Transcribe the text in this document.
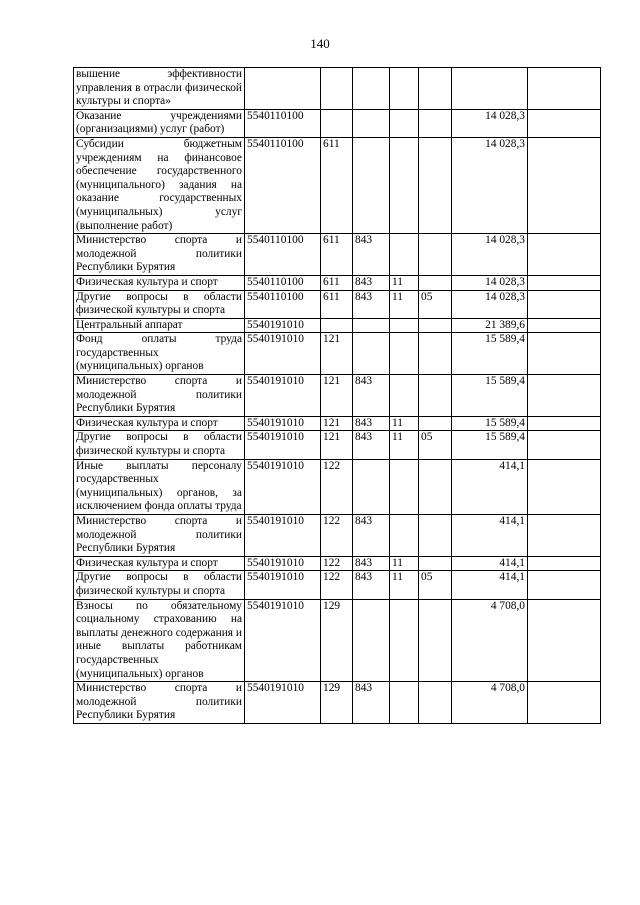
140
вышение эффективности управления в отрасли физической культуры и спорта»							
Оказание учреждениями (организациями) услуг (работ)	5540110100					14 028,3	
Субсидии бюджетным учреждениям на финансовое обеспечение государственного (муниципального) задания на оказание государственных (муниципальных) услуг (выполнение работ)	5540110100	611				14 028,3	
Министерство спорта и молодежной политики Республики Бурятия	5540110100	611	843			14 028,3	
Физическая культура и спорт	5540110100	611	843	11		14 028,3	
Другие вопросы в области физической культуры и спорта	5540110100	611	843	11	05	14 028,3	
Центральный аппарат	5540191010					21 389,6	
Фонд оплаты труда государственных (муниципальных) органов	5540191010	121				15 589,4	
Министерство спорта и молодежной политики Республики Бурятия	5540191010	121	843			15 589,4	
Физическая культура и спорт	5540191010	121	843	11		15 589,4	
Другие вопросы в области физической культуры и спорта	5540191010	121	843	11	05	15 589,4	
Иные выплаты персоналу государственных (муниципальных) органов, за исключением фонда оплаты труда	5540191010	122				414,1	
Министерство спорта и молодежной политики Республики Бурятия	5540191010	122	843			414,1	
Физическая культура и спорт	5540191010	122	843	11		414,1	
Другие вопросы в области физической культуры и спорта	5540191010	122	843	11	05	414,1	
Взносы по обязательному социальному страхованию на выплаты денежного содержания и иные выплаты работникам государственных (муниципальных) органов	5540191010	129				4 708,0	
Министерство спорта и молодежной политики Республики Бурятия	5540191010	129	843			4 708,0	
